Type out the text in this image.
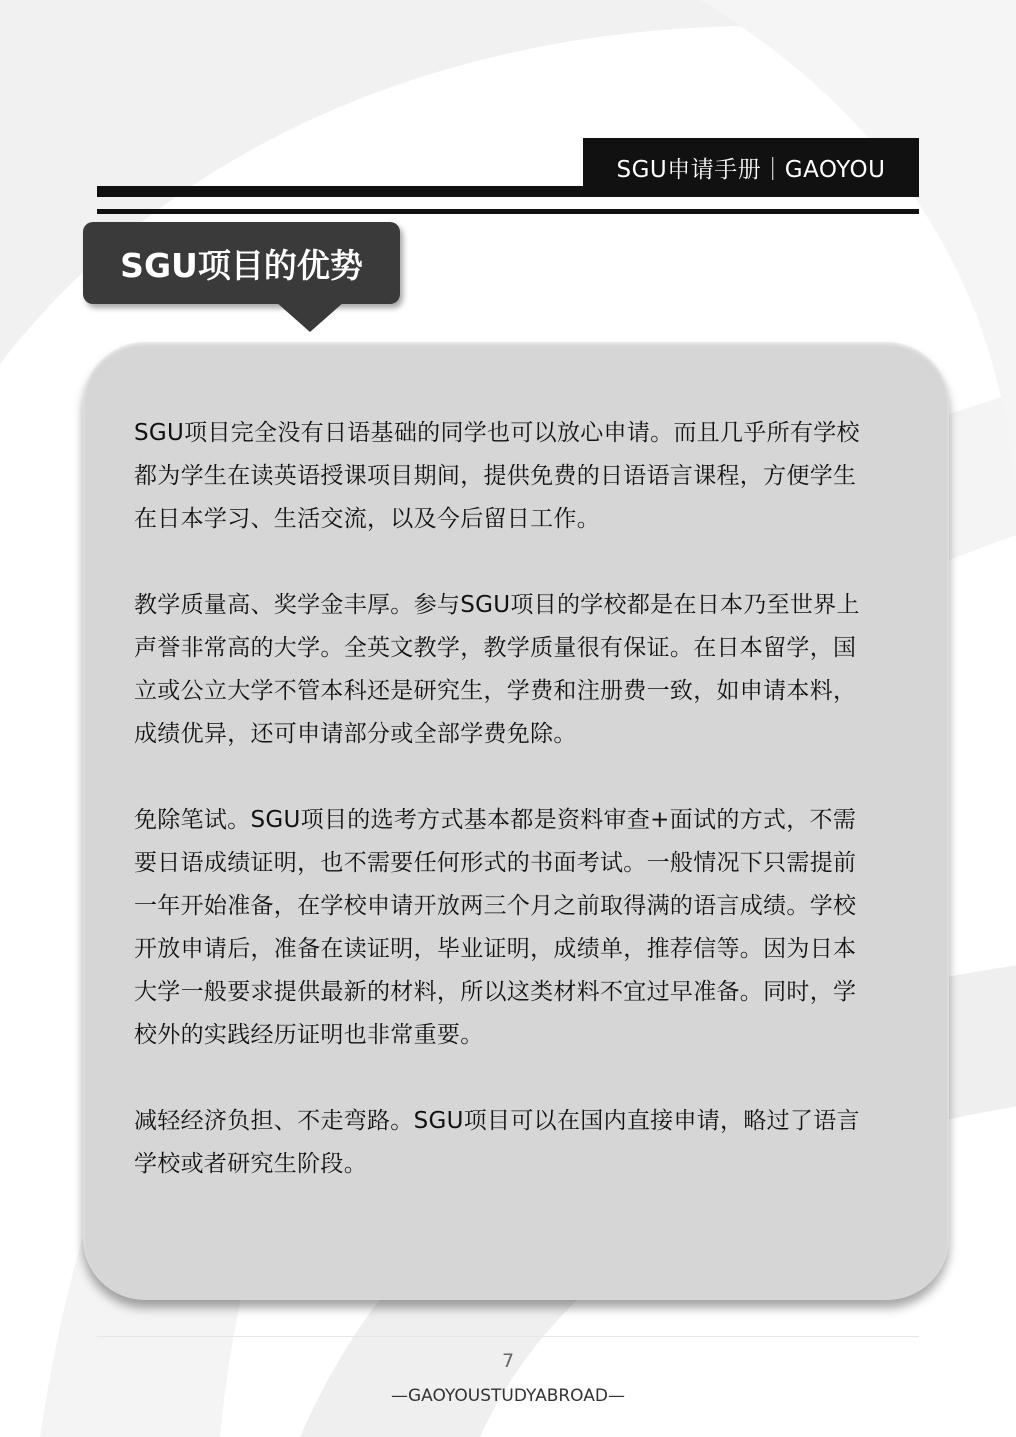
SGU申请手册｜GAOYOU
SGU项目的优势

SGU项目完全没有日语基础的同学也可以放心申请。而且几乎所有学校都为学生在读英语授课项目期间，提供免费的日语语言课程，方便学生在日本学习、生活交流，以及今后留日工作。

教学质量高、奖学金丰厚。参与SGU项目的学校都是在日本乃至世界上声誉非常高的大学。全英文教学，教学质量很有保证。在日本留学，国立或公立大学不管本科还是研究生，学费和注册费一致，如申请本料，成绩优异，还可申请部分或全部学费免除。

免除笔试。SGU项目的选考方式基本都是资料审查+面试的方式，不需要日语成绩证明，也不需要任何形式的书面考试。一般情况下只需提前一年开始准备，在学校申请开放两三个月之前取得满的语言成绩。学校开放申请后，准备在读证明，毕业证明，成绩单，推荐信等。因为日本大学一般要求提供最新的材料，所以这类材料不宜过早准备。同时，学校外的实践经历证明也非常重要。

减轻经济负担、不走弯路。SGU项目可以在国内直接申请，略过了语言学校或者研究生阶段。

7
—GAOYOUSTUDYABROAD—
